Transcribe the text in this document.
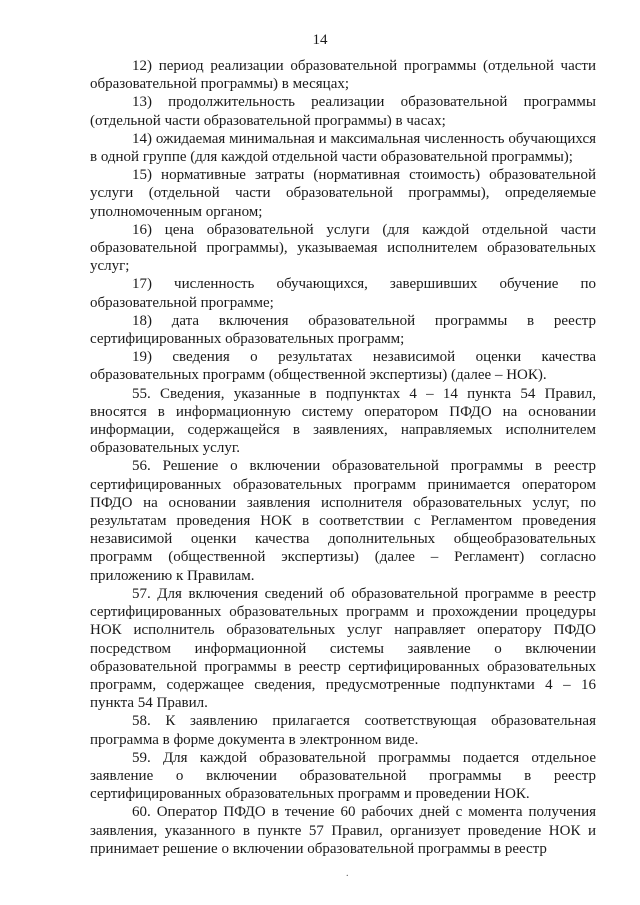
14

12) период реализации образовательной программы (отдельной части образовательной программы) в месяцах;

13) продолжительность реализации образовательной программы (отдельной части образовательной программы) в часах;

14) ожидаемая минимальная и максимальная численность обучающихся в одной группе (для каждой отдельной части образовательной программы);

15) нормативные затраты (нормативная стоимость) образовательной услуги (отдельной части образовательной программы), определяемые уполномоченным органом;

16) цена образовательной услуги (для каждой отдельной части образовательной программы), указываемая исполнителем образовательных услуг;

17) численность обучающихся, завершивших обучение по образовательной программе;

18) дата включения образовательной программы в реестр сертифицированных образовательных программ;

19) сведения о результатах независимой оценки качества образовательных программ (общественной экспертизы) (далее – НОК).

55. Сведения, указанные в подпунктах 4 – 14 пункта 54 Правил, вносятся в информационную систему оператором ПФДО на основании информации, содержащейся в заявлениях, направляемых исполнителем образовательных услуг.

56. Решение о включении образовательной программы в реестр сертифицированных образовательных программ принимается оператором ПФДО на основании заявления исполнителя образовательных услуг, по результатам проведения НОК в соответствии с Регламентом проведения независимой оценки качества дополнительных общеобразовательных программ (общественной экспертизы) (далее – Регламент) согласно приложению к Правилам.

57. Для включения сведений об образовательной программе в реестр сертифицированных образовательных программ и прохождении процедуры НОК исполнитель образовательных услуг направляет оператору ПФДО посредством информационной системы заявление о включении образовательной программы в реестр сертифицированных образовательных программ, содержащее сведения, предусмотренные подпунктами 4 – 16 пункта 54 Правил.

58. К заявлению прилагается соответствующая образовательная программа в форме документа в электронном виде.

59. Для каждой образовательной программы подается отдельное заявление о включении образовательной программы в реестр сертифицированных образовательных программ и проведении НОК.

60. Оператор ПФДО в течение 60 рабочих дней с момента получения заявления, указанного в пункте 57 Правил, организует проведение НОК и принимает решение о включении образовательной программы в реестр

.
